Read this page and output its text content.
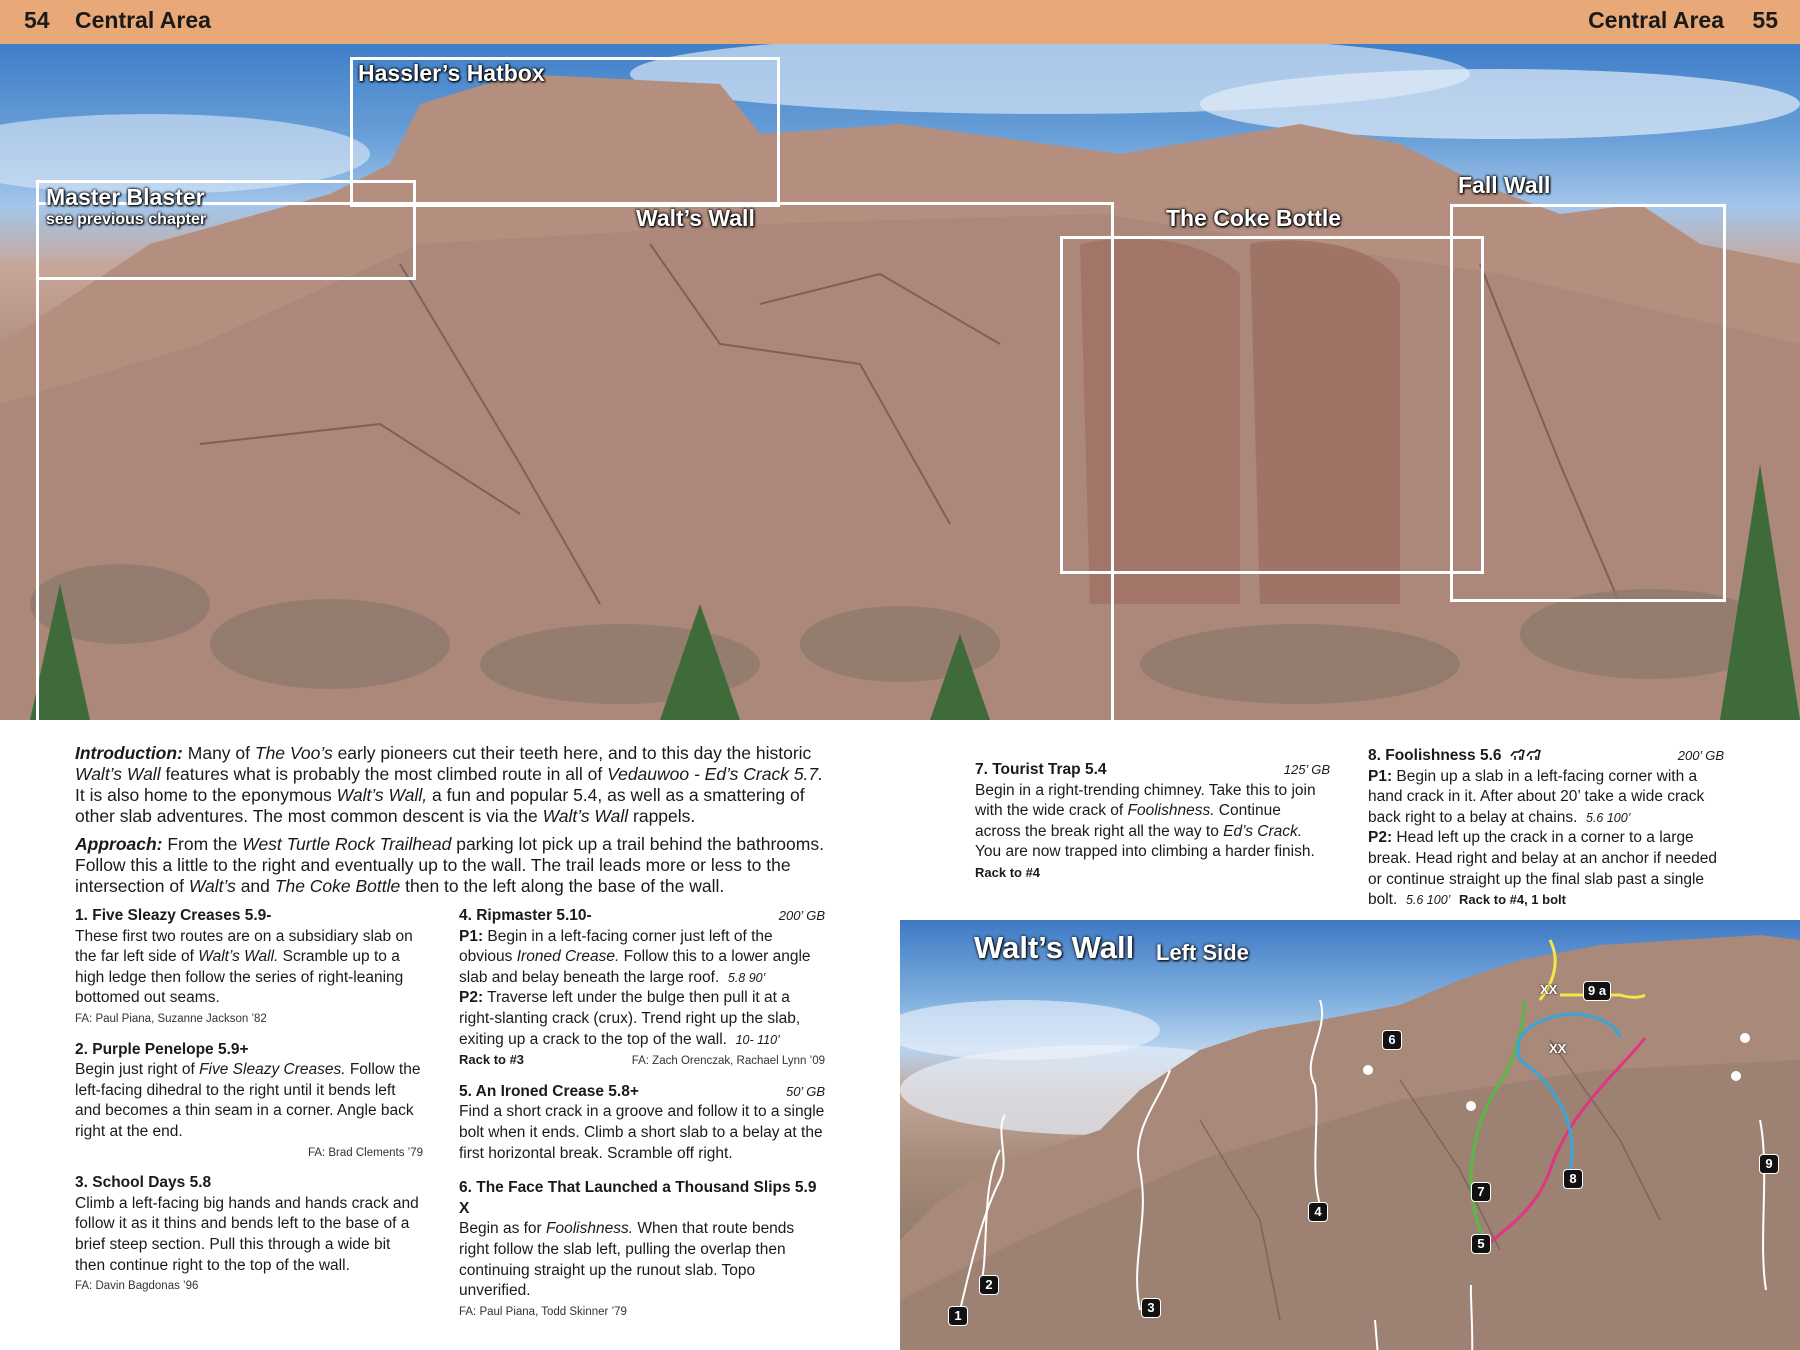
54 Central Area	Central Area 55
Hassler’s Hatbox
Master Blaster
see previous chapter	Walt’s Wall	The Coke Bottle
Fall Wall

Introduction: Many of The Voo’s early pioneers cut their teeth here, and to this day the historic Walt’s Wall features what is probably the most climbed route in all of Vedauwoo - Ed’s Crack 5.7. It is also home to the eponymous Walt’s Wall, a fun and popular 5.4, as well as a smattering of other slab adventures. The most common descent is via the Walt’s Wall rappels.

Approach: From the West Turtle Rock Trailhead parking lot pick up a trail behind the bathrooms. Follow this a little to the right and eventually up to the wall. The trail leads more or less to the intersection of Walt’s and The Coke Bottle then to the left along the base of the wall.

1. Five Sleazy Creases 5.9-
These first two routes are on a subsidiary slab on the far left side of Walt’s Wall. Scramble up to a high ledge then follow the series of right-leaning bottomed out seams.
FA: Paul Piana, Suzanne Jackson ’82
2. Purple Penelope 5.9+
Begin just right of Five Sleazy Creases. Follow the left-facing dihedral to the right until it bends left and becomes a thin seam in a corner. Angle back right at the end.
FA: Brad Clements ’79
3. School Days 5.8
Climb a left-facing big hands and hands crack and follow it as it thins and bends left to the base of a brief steep section. Pull this through a wide bit then continue right to the top of the wall.
FA: Davin Bagdonas ’96
4. Ripmaster 5.10-	200’ GB
P1: Begin in a left-facing corner just left of the obvious Ironed Crease. Follow this to a lower angle slab and belay beneath the large roof. 5.8 90’
P2: Traverse left under the bulge then pull it at a right-slanting crack (crux). Trend right up the slab, exiting up a crack to the top of the wall. 10- 110’
Rack to #3	FA: Zach Orenczak, Rachael Lynn ’09
5. An Ironed Crease 5.8+	50’ GB
Find a short crack in a groove and follow it to a single bolt when it ends. Climb a short slab to a belay at the first horizontal break. Scramble off right.
6. The Face That Launched a Thousand Slips 5.9 X
Begin as for Foolishness. When that route bends right follow the slab left, pulling the overlap then continuing straight up the runout slab. Topo unverified.
FA: Paul Piana, Todd Skinner ’79
7. Tourist Trap 5.4	125’ GB
Begin in a right-trending chimney. Take this to join with the wide crack of Foolishness. Continue across the break right all the way to Ed’s Crack. You are now trapped into climbing a harder finish.
Rack to #4
8. Foolishness 5.6	200’ GB
P1: Begin up a slab in a left-facing corner with a hand crack in it. After about 20’ take a wide crack back right to a belay at chains. 5.6 100’
P2: Head left up the crack in a corner to a large break. Head right and belay at an anchor if needed or continue straight up the final slab past a single bolt. 5.6 100’ Rack to #4, 1 bolt
Walt’s Wall Left Side
1
2
3
4
5
6
7
8
9
9 a
XX
XX
